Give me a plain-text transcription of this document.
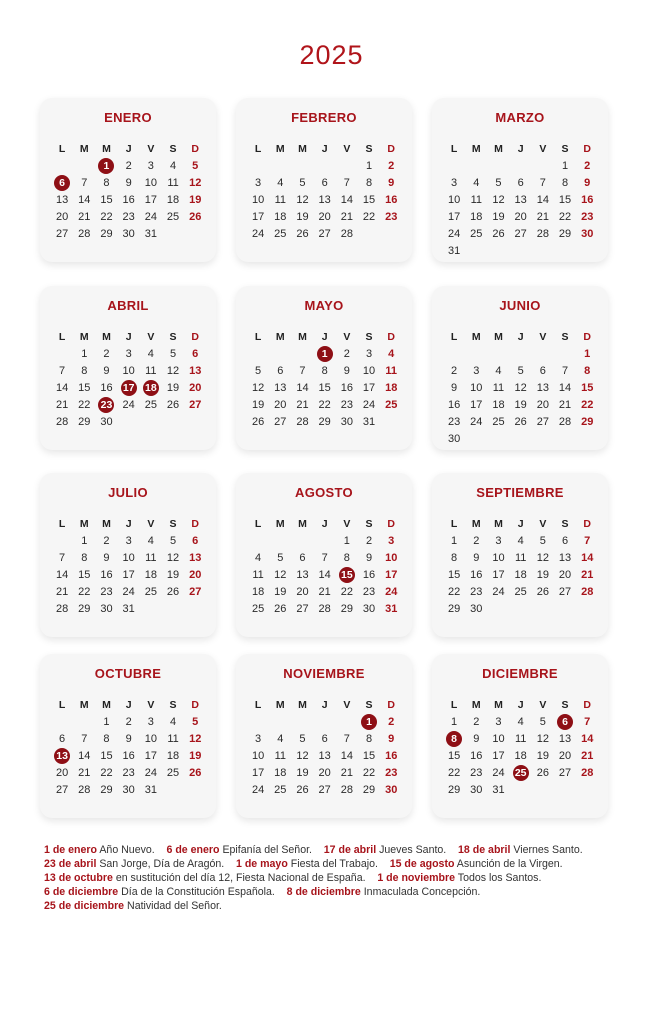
2025
ENERO
L	M	M	J	V	S	D
		1	2	3	4	5
6	7	8	9	10	11	12
13	14	15	16	17	18	19
20	21	22	23	24	25	26
27	28	29	30	31		
FEBRERO
L	M	M	J	V	S	D
					1	2
3	4	5	6	7	8	9
10	11	12	13	14	15	16
17	18	19	20	21	22	23
24	25	26	27	28		
MARZO
L	M	M	J	V	S	D
					1	2
3	4	5	6	7	8	9
10	11	12	13	14	15	16
17	18	19	20	21	22	23
24	25	26	27	28	29	30
31						
ABRIL
L	M	M	J	V	S	D
	1	2	3	4	5	6
7	8	9	10	11	12	13
14	15	16	17	18	19	20
21	22	23	24	25	26	27
28	29	30				
MAYO
L	M	M	J	V	S	D
			1	2	3	4
5	6	7	8	9	10	11
12	13	14	15	16	17	18
19	20	21	22	23	24	25
26	27	28	29	30	31	
JUNIO
L	M	M	J	V	S	D
						1
2	3	4	5	6	7	8
9	10	11	12	13	14	15
16	17	18	19	20	21	22
23	24	25	26	27	28	29
30						
JULIO
L	M	M	J	V	S	D
	1	2	3	4	5	6
7	8	9	10	11	12	13
14	15	16	17	18	19	20
21	22	23	24	25	26	27
28	29	30	31			
AGOSTO
L	M	M	J	V	S	D
				1	2	3
4	5	6	7	8	9	10
11	12	13	14	15	16	17
18	19	20	21	22	23	24
25	26	27	28	29	30	31
SEPTIEMBRE
L	M	M	J	V	S	D
1	2	3	4	5	6	7
8	9	10	11	12	13	14
15	16	17	18	19	20	21
22	23	24	25	26	27	28
29	30					
OCTUBRE
L	M	M	J	V	S	D
		1	2	3	4	5
6	7	8	9	10	11	12
13	14	15	16	17	18	19
20	21	22	23	24	25	26
27	28	29	30	31		
NOVIEMBRE
L	M	M	J	V	S	D
					1	2
3	4	5	6	7	8	9
10	11	12	13	14	15	16
17	18	19	20	21	22	23
24	25	26	27	28	29	30
DICIEMBRE
L	M	M	J	V	S	D
1	2	3	4	5	6	7
8	9	10	11	12	13	14
15	16	17	18	19	20	21
22	23	24	25	26	27	28
29	30	31				
1 de enero Año Nuevo.    6 de enero Epifanía del Señor.    17 de abril Jueves Santo.    18 de abril Viernes Santo.
23 de abril San Jorge, Día de Aragón.    1 de mayo Fiesta del Trabajo.    15 de agosto Asunción de la Virgen.
13 de octubre en sustitución del día 12, Fiesta Nacional de España.    1 de noviembre Todos los Santos.
6 de diciembre Día de la Constitución Española.    8 de diciembre Inmaculada Concepción.
25 de diciembre Natividad del Señor.
